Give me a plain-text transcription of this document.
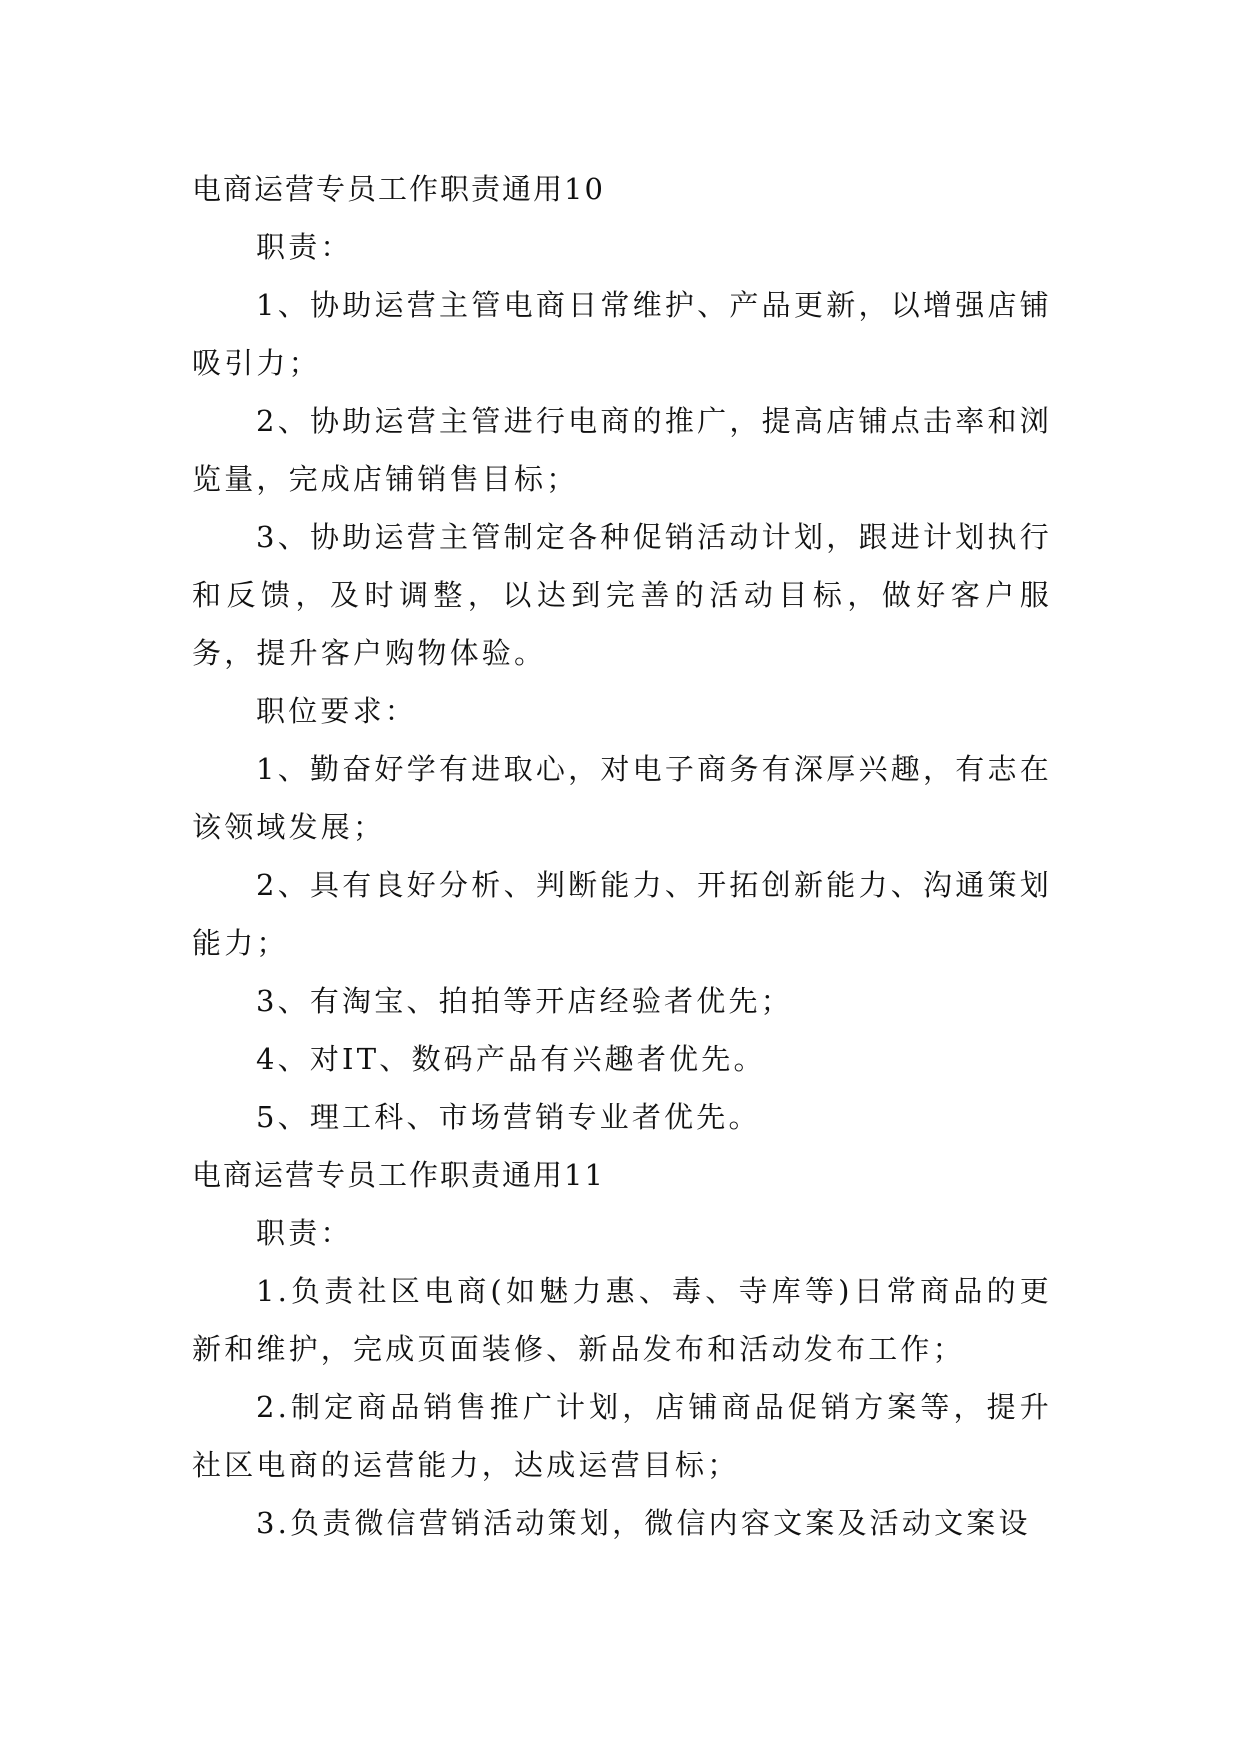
电商运营专员工作职责通用10

职责：

1、协助运营主管电商日常维护、产品更新，以增强店铺吸引力；

2、协助运营主管进行电商的推广，提高店铺点击率和浏览量，完成店铺销售目标；

3、协助运营主管制定各种促销活动计划，跟进计划执行和反馈，及时调整，以达到完善的活动目标，做好客户服务，提升客户购物体验。

职位要求：

1、勤奋好学有进取心，对电子商务有深厚兴趣，有志在该领域发展；

2、具有良好分析、判断能力、开拓创新能力、沟通策划能力；

3、有淘宝、拍拍等开店经验者优先；

4、对IT、数码产品有兴趣者优先。

5、理工科、市场营销专业者优先。

电商运营专员工作职责通用11

职责：

1.负责社区电商(如魅力惠、毒、寺库等)日常商品的更新和维护，完成页面装修、新品发布和活动发布工作；

2.制定商品销售推广计划，店铺商品促销方案等，提升社区电商的运营能力，达成运营目标；

3.负责微信营销活动策划，微信内容文案及活动文案设
